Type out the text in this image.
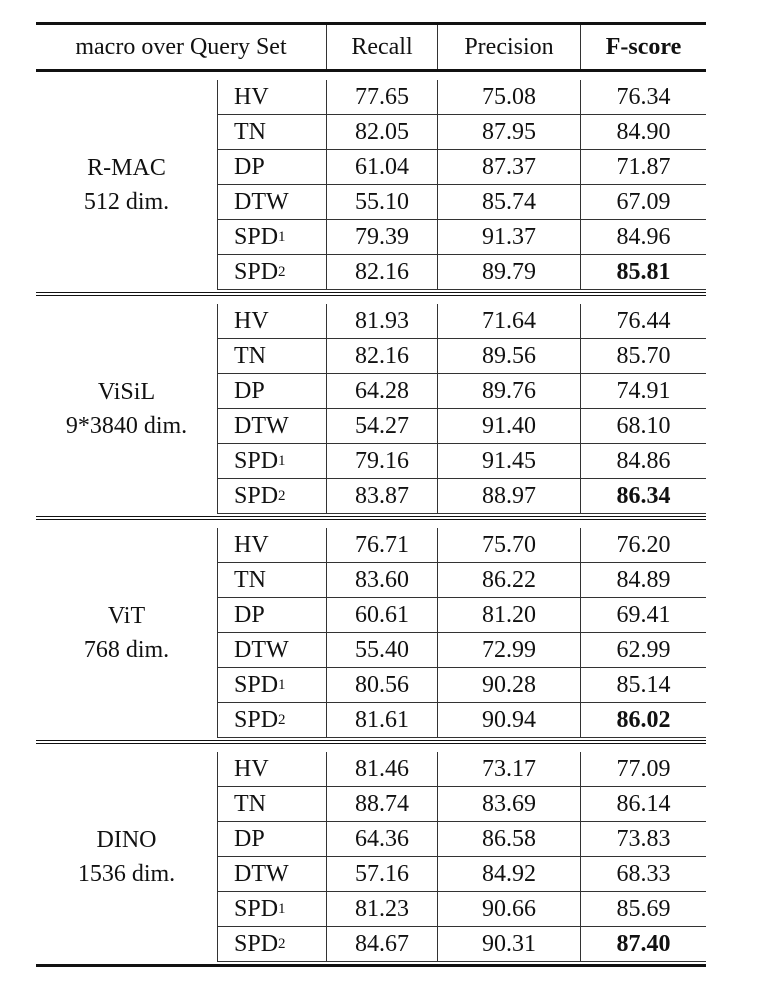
macro over Query Set	Recall	Precision	F-score
R-MAC
512 dim.
HV	77.65	75.08	76.34
TN	82.05	87.95	84.90
DP	61.04	87.37	71.87
DTW	55.10	85.74	67.09
SPD 1	79.39	91.37	84.96
SPD 2	82.16	89.79	85.81
ViSiL
9*3840 dim.
HV	81.93	71.64	76.44
TN	82.16	89.56	85.70
DP	64.28	89.76	74.91
DTW	54.27	91.40	68.10
SPD 1	79.16	91.45	84.86
SPD 2	83.87	88.97	86.34
ViT
768 dim.
HV	76.71	75.70	76.20
TN	83.60	86.22	84.89
DP	60.61	81.20	69.41
DTW	55.40	72.99	62.99
SPD 1	80.56	90.28	85.14
SPD 2	81.61	90.94	86.02
DINO
1536 dim.
HV	81.46	73.17	77.09
TN	88.74	83.69	86.14
DP	64.36	86.58	73.83
DTW	57.16	84.92	68.33
SPD 1	81.23	90.66	85.69
SPD 2	84.67	90.31	87.40
